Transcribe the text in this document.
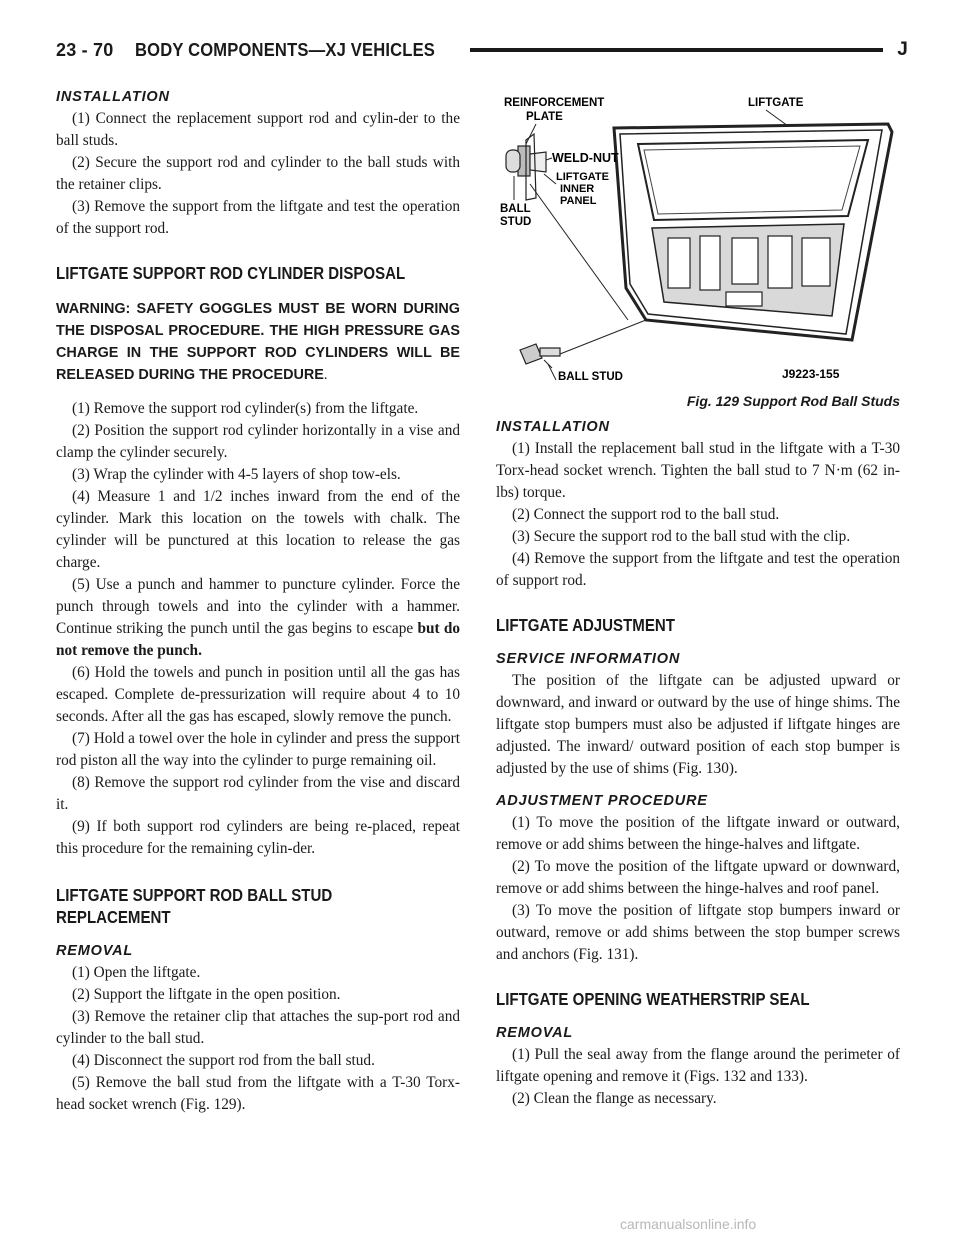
23 - 70 BODY COMPONENTS—XJ VEHICLES	J
INSTALLATION

(1) Connect the replacement support rod and cylin-der to the ball studs.

(2) Secure the support rod and cylinder to the ball studs with the retainer clips.

(3) Remove the support from the liftgate and test the operation of the support rod.

LIFTGATE SUPPORT ROD CYLINDER DISPOSAL
WARNING: SAFETY GOGGLES MUST BE WORN DURING THE DISPOSAL PROCEDURE. THE HIGH PRESSURE GAS CHARGE IN THE SUPPORT ROD CYLINDERS WILL BE RELEASED DURING THE PROCEDURE.

(1) Remove the support rod cylinder(s) from the liftgate.

(2) Position the support rod cylinder horizontally in a vise and clamp the cylinder securely.

(3) Wrap the cylinder with 4-5 layers of shop tow-els.

(4) Measure 1 and 1/2 inches inward from the end of the cylinder. Mark this location on the towels with chalk. The cylinder will be punctured at this location to release the gas charge.

(5) Use a punch and hammer to puncture cylinder. Force the punch through towels and into the cylinder with a hammer. Continue striking the punch until the gas begins to escape but do not remove the punch.

(6) Hold the towels and punch in position until all the gas has escaped. Complete de-pressurization will require about 4 to 10 seconds. After all the gas has escaped, slowly remove the punch.

(7) Hold a towel over the hole in cylinder and press the support rod piston all the way into the cylinder to purge remaining oil.

(8) Remove the support rod cylinder from the vise and discard it.

(9) If both support rod cylinders are being re-placed, repeat this procedure for the remaining cylin-der.

LIFTGATE SUPPORT ROD BALL STUD
REPLACEMENT
REMOVAL

(1) Open the liftgate.

(2) Support the liftgate in the open position.

(3) Remove the retainer clip that attaches the sup-port rod and cylinder to the ball stud.

(4) Disconnect the support rod from the ball stud.

(5) Remove the ball stud from the liftgate with a T-30 Torx-head socket wrench (Fig. 129).

REINFORCEMENT
PLATE
LIFTGATE
WELD-NUT
LIFTGATE
INNER
PANEL
BALL
STUD
BALL STUD	J9223-155
Fig. 129 Support Rod Ball Studs
INSTALLATION

(1) Install the replacement ball stud in the liftgate with a T-30 Torx-head socket wrench. Tighten the ball stud to 7 N·m (62 in-lbs) torque.

(2) Connect the support rod to the ball stud.

(3) Secure the support rod to the ball stud with the clip.

(4) Remove the support from the liftgate and test the operation of support rod.

LIFTGATE ADJUSTMENT
SERVICE INFORMATION

The position of the liftgate can be adjusted upward or downward, and inward or outward by the use of hinge shims. The liftgate stop bumpers must also be adjusted if liftgate hinges are adjusted. The inward/ outward position of each stop bumper is adjusted by the use of shims (Fig. 130).

ADJUSTMENT PROCEDURE

(1) To move the position of the liftgate inward or outward, remove or add shims between the hinge-halves and liftgate.

(2) To move the position of the liftgate upward or downward, remove or add shims between the hinge-halves and roof panel.

(3) To move the position of liftgate stop bumpers inward or outward, remove or add shims between the stop bumper screws and anchors (Fig. 131).

LIFTGATE OPENING WEATHERSTRIP SEAL
REMOVAL

(1) Pull the seal away from the flange around the perimeter of liftgate opening and remove it (Figs. 132 and 133).

(2) Clean the flange as necessary.

carmanualsonline.info
